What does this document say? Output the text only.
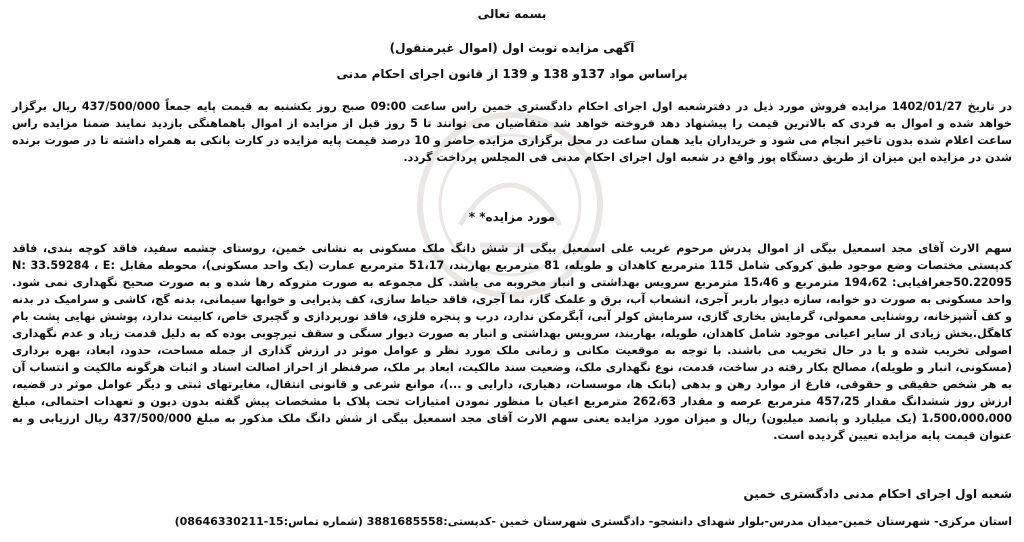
بسمه تعالی
آگهی مزایده نوبت اول (اموال غیرمنقول)
براساس مواد 137و 138 و 139 از قانون اجرای احکام مدنی
در تاریخ 1402/01/27 مزایده فروش مورد ذیل در دفترشعبه اول اجرای احکام دادگستری خمین راس ساعت 09:00 صبح روز یکشنبه به قیمت پایه جمعاً 437/500/000 ریال برگزار خواهد شده و اموال به فردی که بالاترین قیمت را پیشنهاد دهد فروخته خواهد شد متقاضیان می توانند تا 5 روز قبل از مزایده از اموال باهماهنگی بازدید نمایند ضمنا مزایده راس ساعت اعلام شده بدون تاخیر انجام می شود و خریداران باید همان ساعت در محل برگزاری مزایده حاضر و 10 درصد قیمت پایه مزایده در کارت بانکی به همراه داشته تا در صورت برنده شدن در مزایده این میزان از طریق دستگاه پوز واقع در شعبه اول اجرای احکام مدنی فی المجلس پرداخت گردد.
مورد مزایده* *
سهم الارث آقای مجد اسمعیل بیگی از اموال پدرش مرحوم غریب علی اسمعیل بیگی از شش دانگ ملک مسکونی به نشانی خمین، روستای چشمه سفید، فاقد کوچه بندی، فاقد کدپستی مختصات وضع موجود طبق کروکی شامل 115 مترمربع کاهدان و طویله، 81 مترمربع بهاربند، 51،17 مترمربع عمارت (یک واحد مسکونی)، محوطه مقابل N: 33.59284 ، E: 50.22095جغرافیایی: 194،62 مترمربع و 15،46 مترمربع سرویس بهداشتی و انبار مخروبه می باشد. کل مجموعه به صورت متروکه رها شده و به صورت صحیح نگهداری نمی شود. واحد مسکونی به صورت دو خوابه، سازه دیوار باربر آجری، انشعاب آب، برق و علمک گاز، نما آجری، فاقد حیاط سازی، کف پذیرایی و خوابها سیمانی، بدنه گچ، کاشی و سرامیک در بدنه و کف آشپزخانه، روشنایی معمولی، گرمایش بخاری گازی، سرمایش کولر آبی، آبگرمکن ندارد، درب و پنجره فلزی، فاقد نورپردازی و گچبری خاص، کابینت ندارد، پوشش نهایی پشت بام کاهگل.بخش زیادی از سایر اعیانی موجود شامل کاهدان، طویله، بهاربند، سرویس بهداشتی و انبار به صورت دیوار سنگی و سقف تیرچوبی بوده که به دلیل قدمت زیاد و عدم نگهداری اصولی تخریب شده و یا در حال تخریب می باشند. با توجه به موقعیت مکانی و زمانی ملک مورد نظر و عوامل موثر در ارزش گذاری از جمله مساحت، حدود، ابعاد، بهره برداری (مسکونی، انبار و طویله)، مصالح بکار رفته در ساخت، قدمت، نوع نگهداری ملک، وضعیت سند مالکیت، ابعاد بر ملک، صرفنظر از احراز اصالت اسناد و اثبات هرگونه مالکیت و انتساب آن به هر شخص حقیقی و حقوقی، فارغ از موارد رهن و بدهی (بانک ها، موسسات، دهیاری، دارایی و ...)، موانع شرعی و قانونی انتقال، مغایرتهای ثبتی و دیگر عوامل موثر در قضیه، ارزش روز ششدانگ مقدار 457،25 مترمربع عرصه و مقدار 262،63 مترمربع اعیان با منظور نمودن امتیازات تحت پلاک با مشخصات پیش گفته بدون دیون و تعهدات احتمالی، مبلغ 1،500،000،000 (یک میلیارد و پانصد میلیون) ریال و میزان مورد مزایده یعنی سهم الارث آقای مجد اسمعیل بیگی از شش دانگ ملک مذکور به مبلغ 437/500/000 ریال ارزیابی و به عنوان قیمت پایه مزایده تعیین گردیده است.
شعبه اول اجرای احکام مدنی دادگستری خمین
استان مرکزی- شهرستان خمین-میدان مدرس-بلوار شهدای دانشجو- دادگستری شهرستان خمین -کدپستی:3881685558 (شماره تماس:15-08646330211)
